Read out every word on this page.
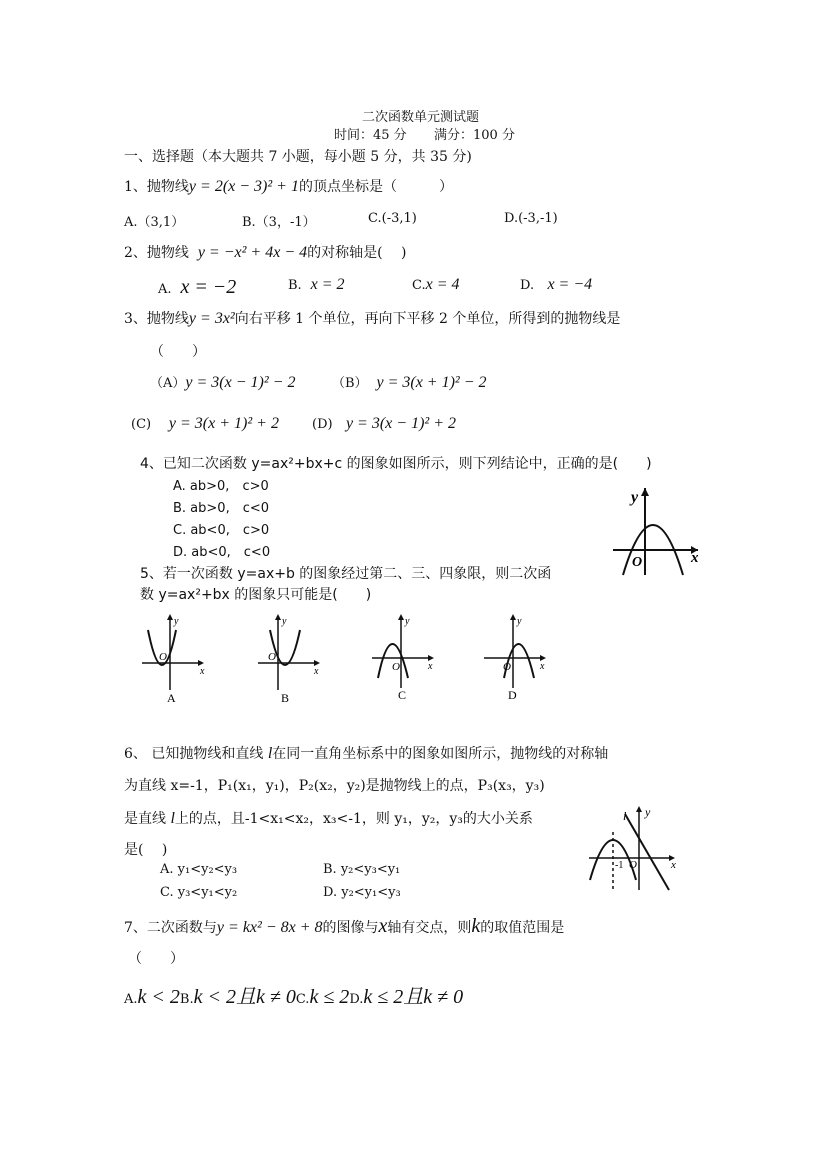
二次函数单元测试题
时间：45 分 满分：100 分
一、选择题（本大题共 7 小题，每小题 5 分，共 35 分)
1、抛物线y = 2(x − 3)² + 1的顶点坐标是（　　　）
A.（3,1）	B.（3，-1）	C.(-3,1)	D.(-3,-1)
2、抛物线 y = −x² + 4x − 4的对称轴是(　 )
A. x = −2	B. x = 2	C.x = 4	D. x = −4
3、抛物线y = 3x²向右平移 1 个单位，再向下平移 2 个单位，所得到的抛物线是
（　　）
（A）y = 3(x − 1)² − 2	（B） y = 3(x + 1)² − 2
(C) y = 3(x + 1)² + 2	(D) y = 3(x − 1)² + 2
4、已知二次函数 y=ax²+bx+c 的图象如图所示，则下列结论中，正确的是(　　)
A. ab>0,　c>0
B. ab>0,　c<0
C. ab<0,　c>0
D. ab<0,　c<0
y
x
O
5、若一次函数 y=ax+b 的图象经过第二、三、四象限，则二次函
数 y=ax²+bx 的图象只可能是(　　)
y
x
O
A
y
x
O
B
y
x
O
C
y
x
O
D
6、 已知抛物线和直线 l在同一直角坐标系中的图象如图所示，抛物线的对称轴
为直线 x=-1，P₁(x₁，y₁)，P₂(x₂，y₂)是抛物线上的点，P₃(x₃，y₃)
是直线 l上的点，且-1<x₁<x₂，x₃<-1，则 y₁，y₂，y₃的大小关系
是(　 )
A. y₁<y₂<y₃	B. y₂<y₃<y₁
C. y₃<y₁<y₂	D. y₂<y₁<y₃
l y
x
-1 O
7、二次函数与y = kx² − 8x + 8的图像与x轴有交点，则k的取值范围是
（　　）
A.k < 2B.k < 2且k ≠ 0C.k ≤ 2D.k ≤ 2且k ≠ 0
